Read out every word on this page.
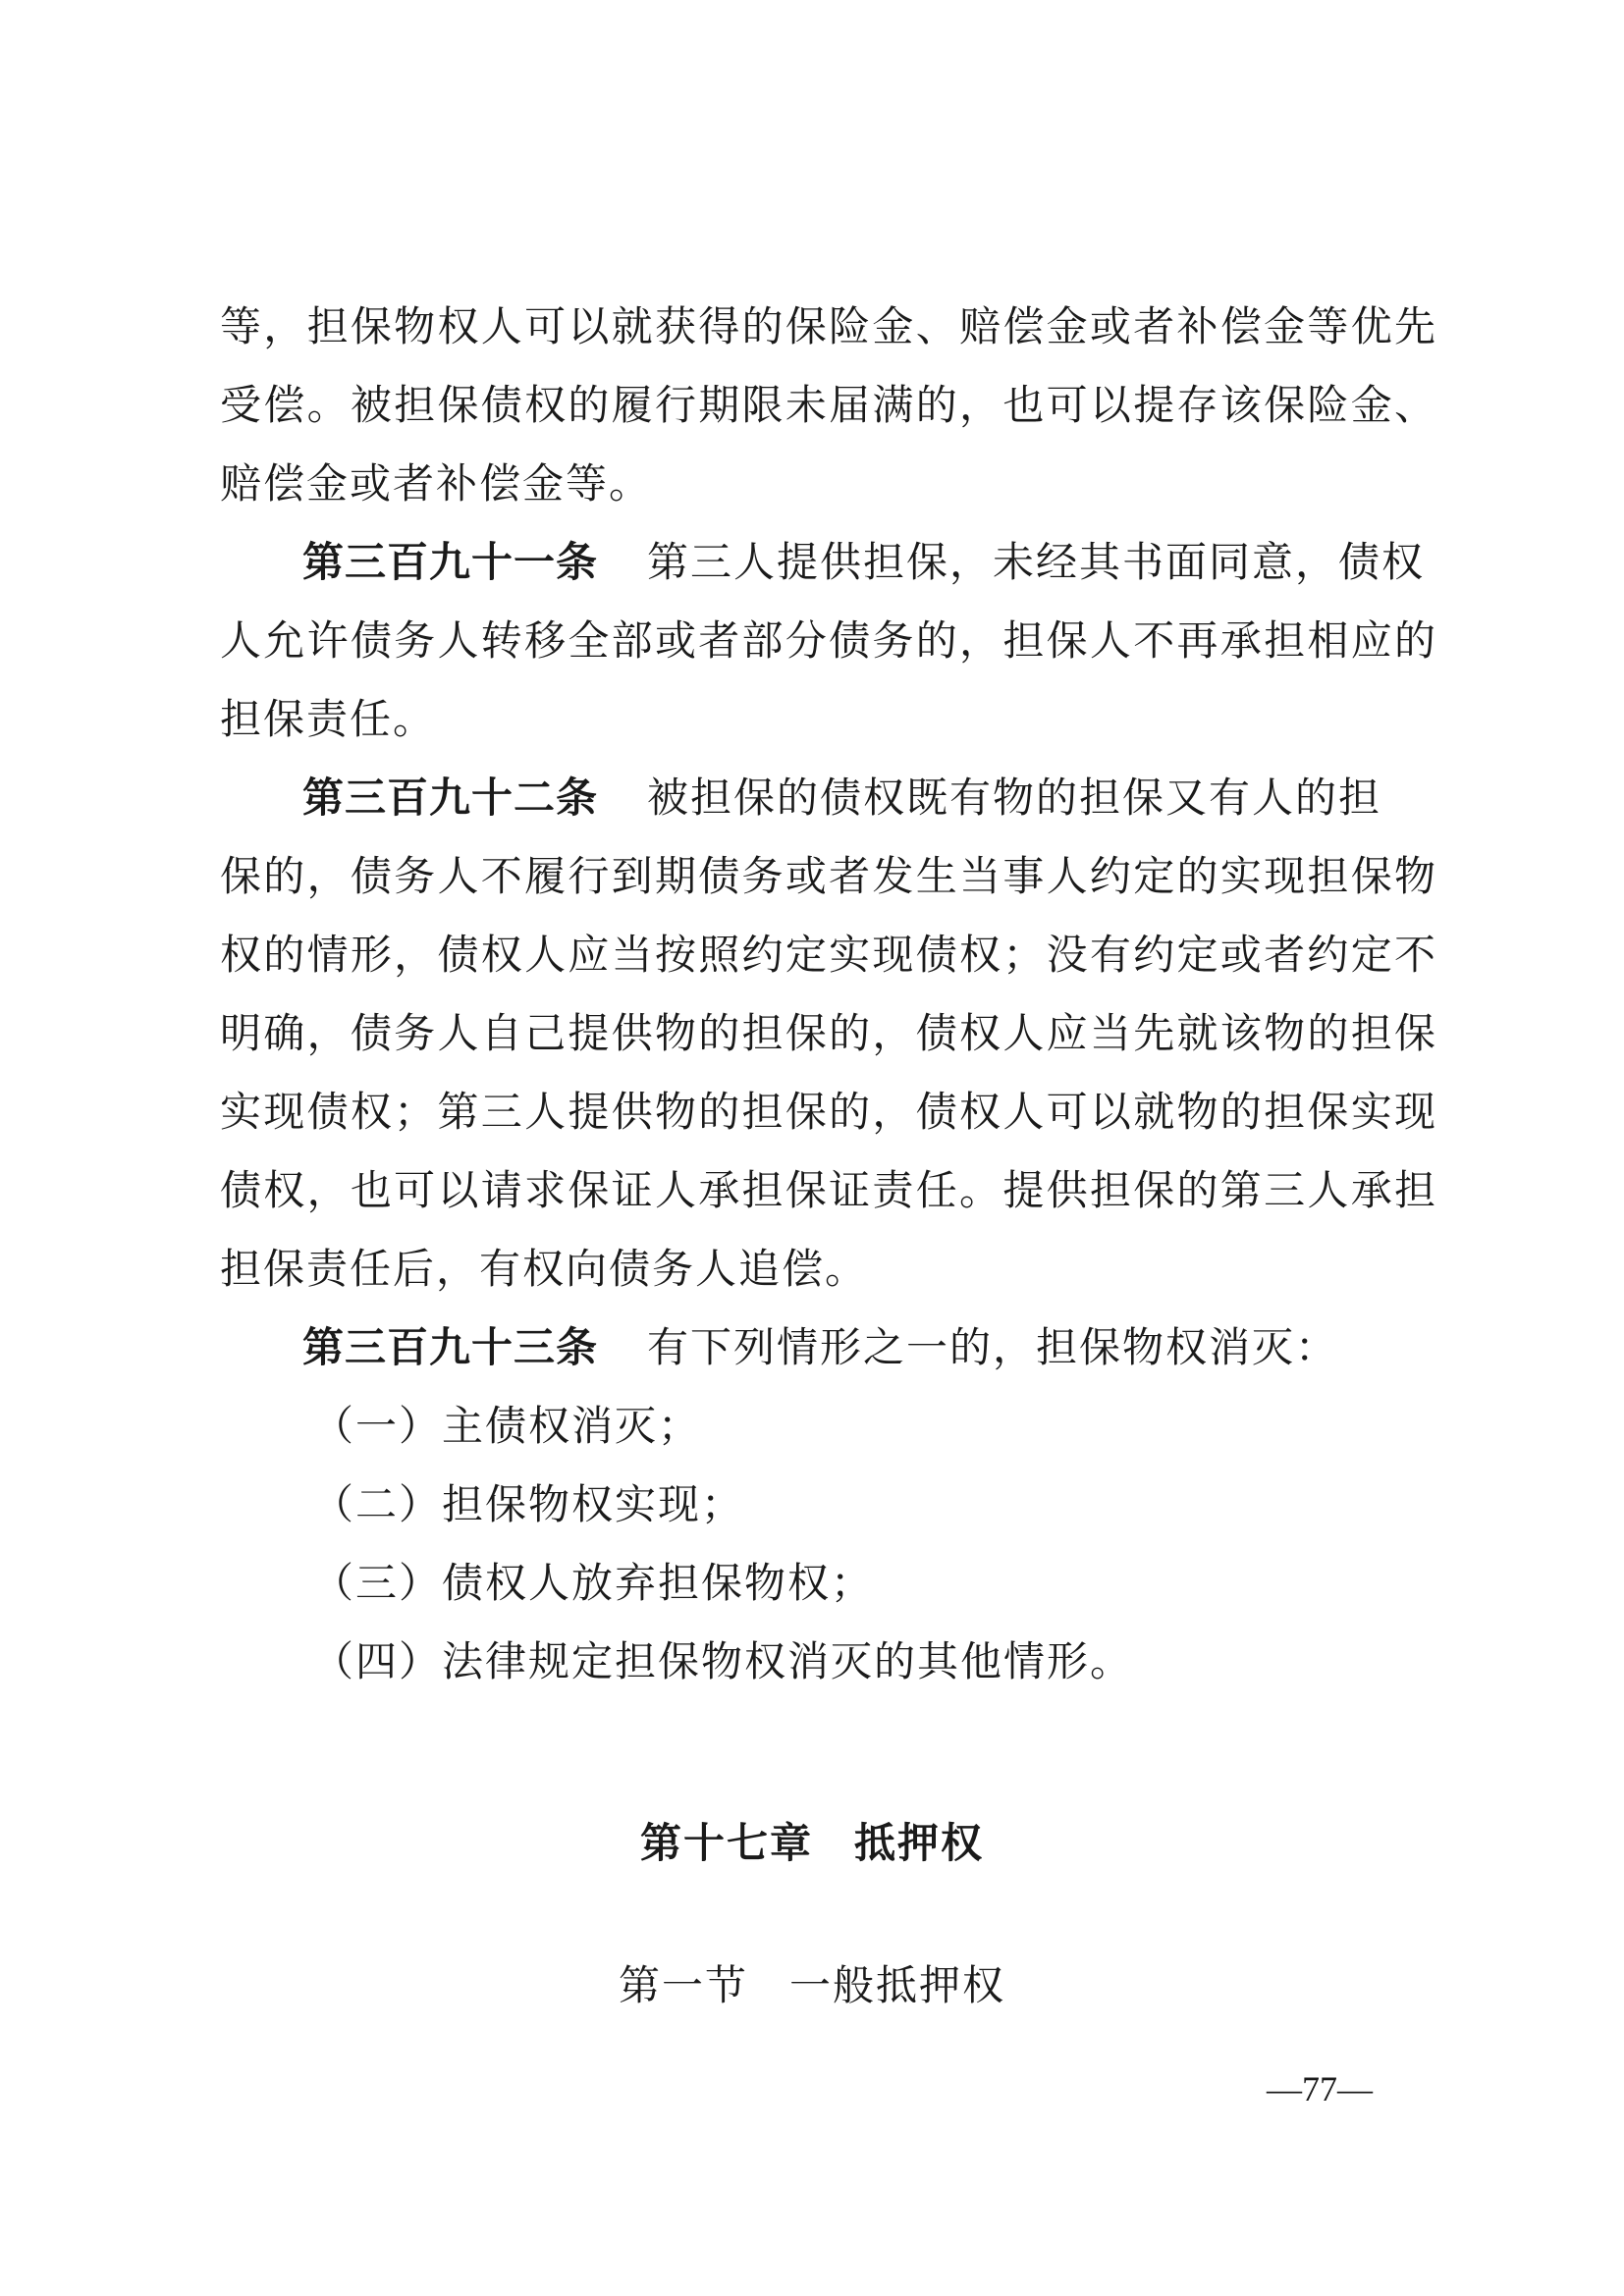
等，担保物权人可以就获得的保险金、赔偿金或者补偿金等优先
受偿。被担保债权的履行期限未届满的，也可以提存该保险金、
赔偿金或者补偿金等。
第三百九十一条 第三人提供担保，未经其书面同意，债权
人允许债务人转移全部或者部分债务的，担保人不再承担相应的
担保责任。
第三百九十二条 被担保的债权既有物的担保又有人的担
保的，债务人不履行到期债务或者发生当事人约定的实现担保物
权的情形，债权人应当按照约定实现债权；没有约定或者约定不
明确，债务人自己提供物的担保的，债权人应当先就该物的担保
实现债权；第三人提供物的担保的，债权人可以就物的担保实现
债权，也可以请求保证人承担保证责任。提供担保的第三人承担
担保责任后，有权向债务人追偿。
第三百九十三条 有下列情形之一的，担保物权消灭：
（一）主债权消灭；
（二）担保物权实现；
（三）债权人放弃担保物权；
（四）法律规定担保物权消灭的其他情形。
第十七章 抵押权
第一节 一般抵押权
—77—
